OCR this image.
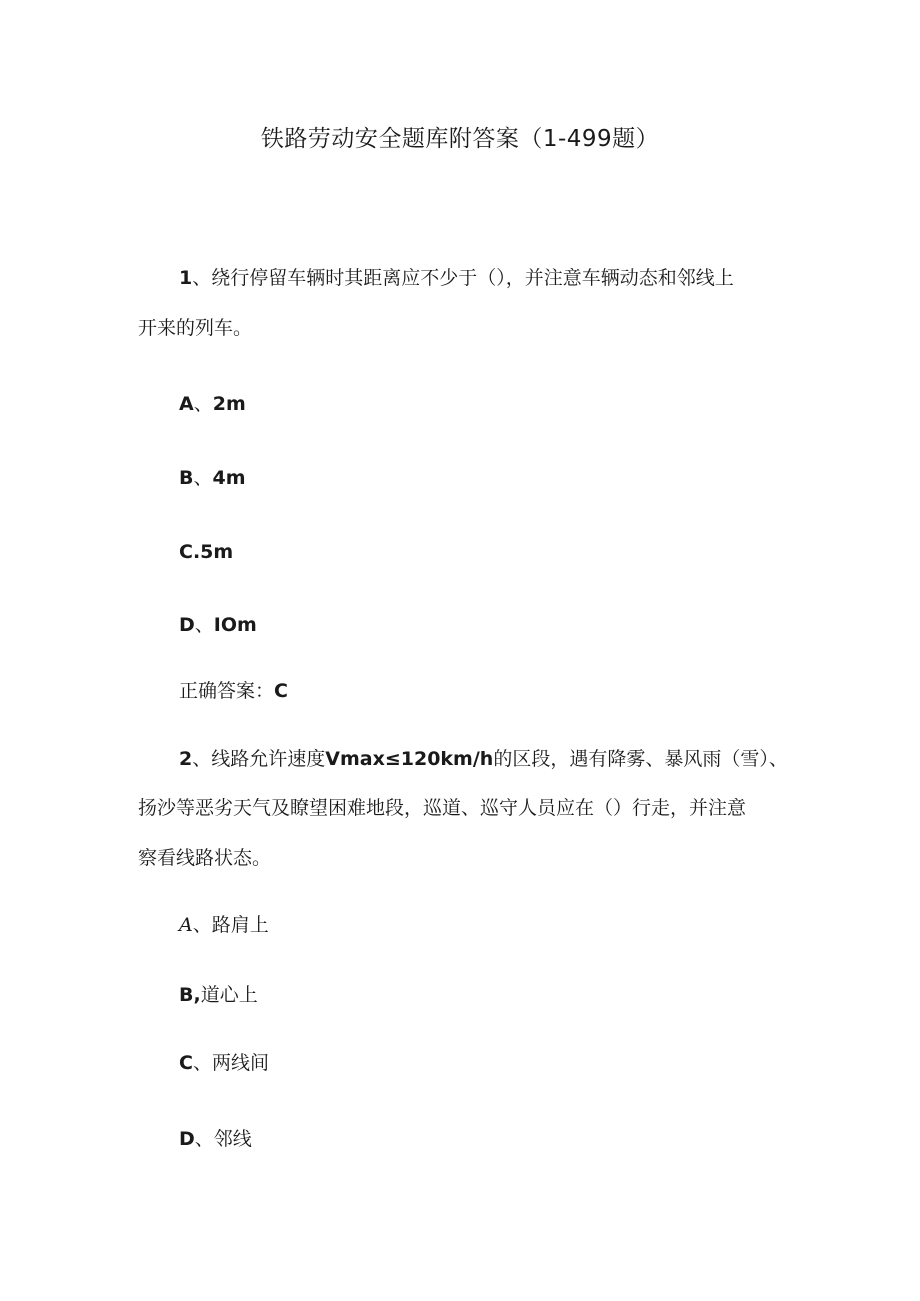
铁路劳动安全题库附答案（1-499题）
1、绕行停留车辆时其距离应不少于（），并注意车辆动态和邻线上
开来的列车。
A、2m
B、4m
C.5m
D、IOm
正确答案：C
2、线路允许速度Vmax≤120km/h的区段，遇有降雾、暴风雨（雪）、
扬沙等恶劣天气及瞭望困难地段，巡道、巡守人员应在（）行走，并注意
察看线路状态。
A、路肩上
B,道心上
C、两线间
D、邻线
